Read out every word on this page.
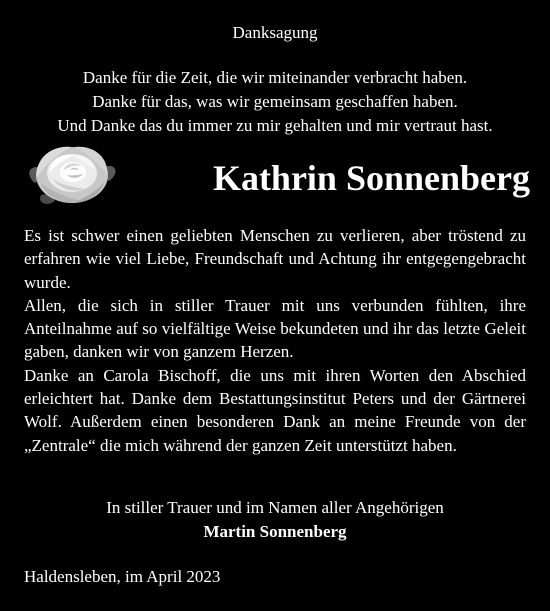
Danksagung
Danke für die Zeit, die wir miteinander verbracht haben.
Danke für das, was wir gemeinsam geschaffen haben.
Und Danke das du immer zu mir gehalten und mir vertraut hast.
Kathrin Sonnenberg

Es ist schwer einen geliebten Menschen zu verlieren, aber tröstend zu erfahren wie viel Liebe, Freundschaft und Achtung ihr entgegengebracht wurde.

Allen, die sich in stiller Trauer mit uns verbunden fühlten, ihre Anteilnahme auf so vielfältige Weise bekundeten und ihr das letzte Geleit gaben, danken wir von ganzem Herzen.

Danke an Carola Bischoff, die uns mit ihren Worten den Abschied erleichtert hat. Danke dem Bestattungsinstitut Peters und der Gärtnerei Wolf. Außerdem einen besonderen Dank an meine Freunde von der „Zentrale“ die mich während der ganzen Zeit unterstützt haben.

In stiller Trauer und im Namen aller Angehörigen
Martin Sonnenberg
Haldensleben, im April 2023
